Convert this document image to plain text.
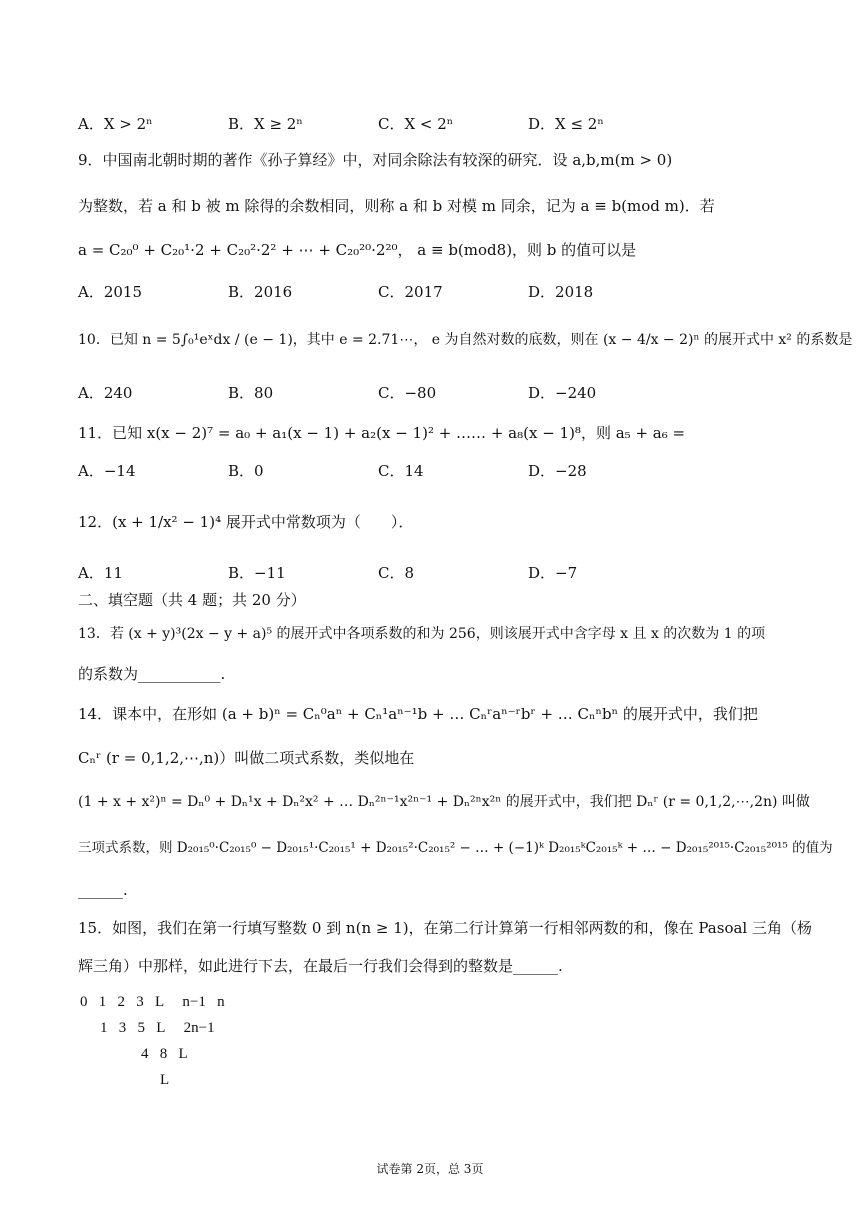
A．X > 2ⁿ	B．X ≥ 2ⁿ	C．X < 2ⁿ	D．X ≤ 2ⁿ
9．中国南北朝时期的著作《孙子算经》中，对同余除法有较深的研究．设 a,b,m(m > 0)
为整数，若 a 和 b 被 m 除得的余数相同，则称 a 和 b 对模 m 同余，记为 a ≡ b(mod m)．若
a = C₂₀⁰ + C₂₀¹·2 + C₂₀²·2² + ⋯ + C₂₀²⁰·2²⁰， a ≡ b(mod8)，则 b 的值可以是
A．2015	B．2016	C．2017	D．2018
10．已知 n = 5∫₀¹eˣdx / (e − 1)，其中 e = 2.71⋯， e 为自然对数的底数，则在 (x − 4/x − 2)ⁿ 的展开式中 x² 的系数是
A．240	B．80	C．−80	D．−240
11．已知 x(x − 2)⁷ = a₀ + a₁(x − 1) + a₂(x − 1)² + …… + a₈(x − 1)⁸，则 a₅ + a₆ =
A．−14	B．0	C．14	D．−28
12．(x + 1/x² − 1)⁴ 展开式中常数项为（　　）．
A．11	B．−11	C．8	D．−7
二、填空题（共 4 题；共 20 分）
13．若 (x + y)³(2x − y + a)⁵ 的展开式中各项系数的和为 256，则该展开式中含字母 x 且 x 的次数为 1 的项
的系数为___________.
14．课本中，在形如 (a + b)ⁿ = Cₙ⁰aⁿ + Cₙ¹aⁿ⁻¹b + … Cₙʳaⁿ⁻ʳbʳ + … Cₙⁿbⁿ 的展开式中，我们把
Cₙʳ (r = 0,1,2,⋯,n)）叫做二项式系数，类似地在
(1 + x + x²)ⁿ = Dₙ⁰ + Dₙ¹x + Dₙ²x² + … Dₙ²ⁿ⁻¹x²ⁿ⁻¹ + Dₙ²ⁿx²ⁿ 的展开式中，我们把 Dₙʳ (r = 0,1,2,⋯,2n) 叫做
三项式系数，则 D₂₀₁₅⁰·C₂₀₁₅⁰ − D₂₀₁₅¹·C₂₀₁₅¹ + D₂₀₁₅²·C₂₀₁₅² − … + (−1)ᵏ D₂₀₁₅ᵏC₂₀₁₅ᵏ + … − D₂₀₁₅²⁰¹⁵·C₂₀₁₅²⁰¹⁵ 的值为
______.
15．如图，我们在第一行填写整数 0 到 n(n ≥ 1)，在第二行计算第一行相邻两数的和，像在 Pasoal 三角（杨
辉三角）中那样，如此进行下去，在最后一行我们会得到的整数是______.
0   1   2   3   L     n−1   n
1   3   5   L     2n−1
4   8   L
L
试卷第 2页，总 3页
